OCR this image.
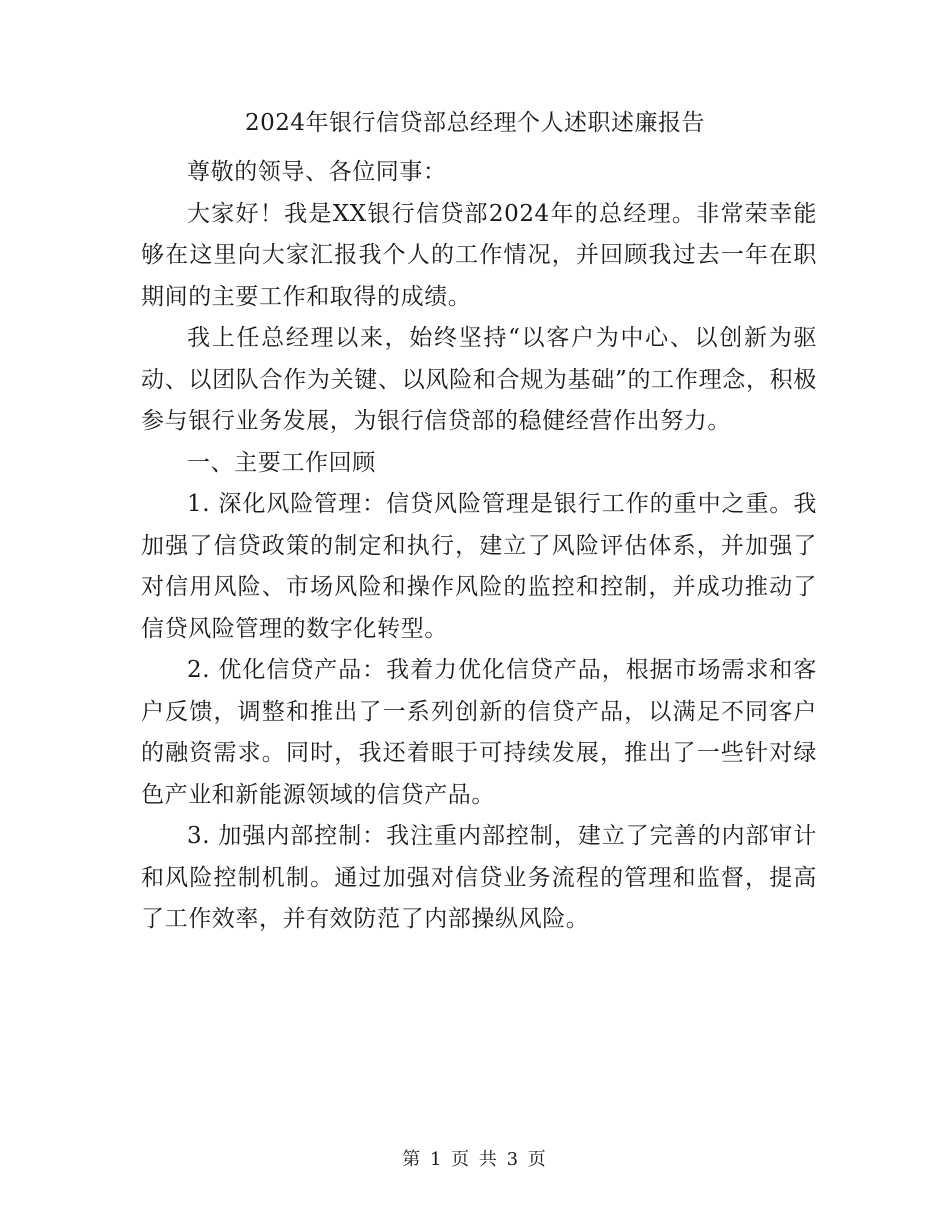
2024年银行信贷部总经理个人述职述廉报告

尊敬的领导、各位同事：

大家好！我是XX银行信贷部2024年的总经理。非常荣幸能够在这里向大家汇报我个人的工作情况，并回顾我过去一年在职期间的主要工作和取得的成绩。

我上任总经理以来，始终坚持“以客户为中心、以创新为驱动、以团队合作为关键、以风险和合规为基础”的工作理念，积极参与银行业务发展，为银行信贷部的稳健经营作出努力。

一、主要工作回顾

1. 深化风险管理：信贷风险管理是银行工作的重中之重。我加强了信贷政策的制定和执行，建立了风险评估体系，并加强了对信用风险、市场风险和操作风险的监控和控制，并成功推动了信贷风险管理的数字化转型。

2. 优化信贷产品：我着力优化信贷产品，根据市场需求和客户反馈，调整和推出了一系列创新的信贷产品，以满足不同客户的融资需求。同时，我还着眼于可持续发展，推出了一些针对绿色产业和新能源领域的信贷产品。

3. 加强内部控制：我注重内部控制，建立了完善的内部审计和风险控制机制。通过加强对信贷业务流程的管理和监督，提高了工作效率，并有效防范了内部操纵风险。

第 1 页 共 3 页
